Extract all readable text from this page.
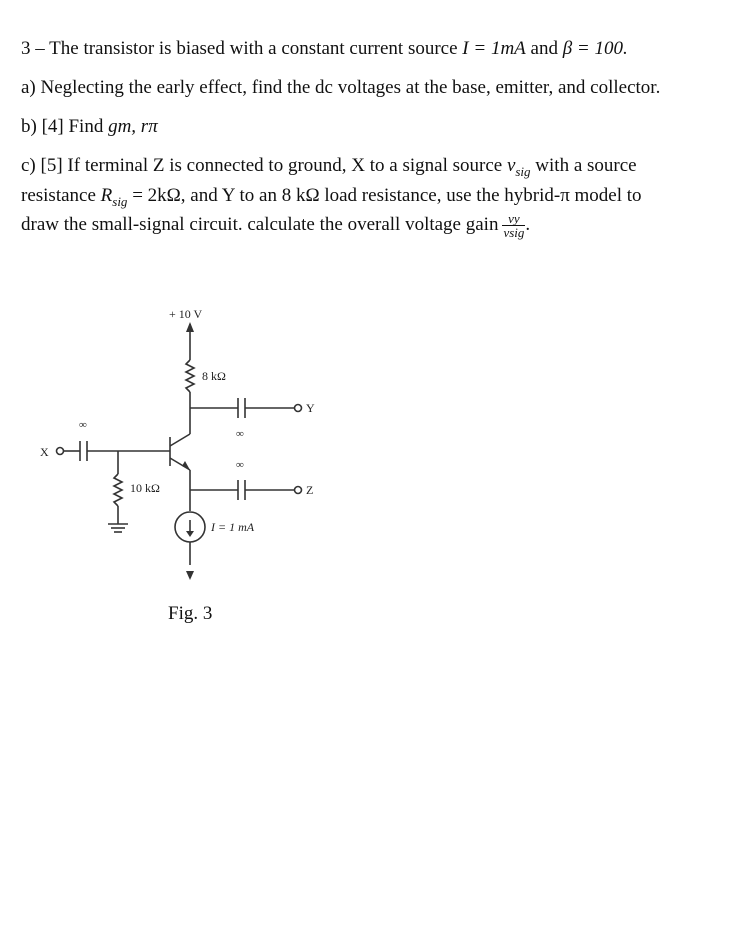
3 – The transistor is biased with a constant current source I = 1mA and β = 100.
a) Neglecting the early effect, find the dc voltages at the base, emitter, and collector.
b) [4] Find gm, rπ
c) [5] If terminal Z is connected to ground, X to a signal source $v_{sig}$ with a source
resistance $R_{sig} = 2k\Omega$, and Y to an 8 kΩ load resistance, use the hybrid-π model to
draw the small-signal circuit. calculate the overall voltage gain $\frac{vy}{\text{vsig}}$ .
+ 10 V
8 kΩ
∞
∞
∞
X
Y
Z
10 kΩ
I = 1 mA
Fig. 3
